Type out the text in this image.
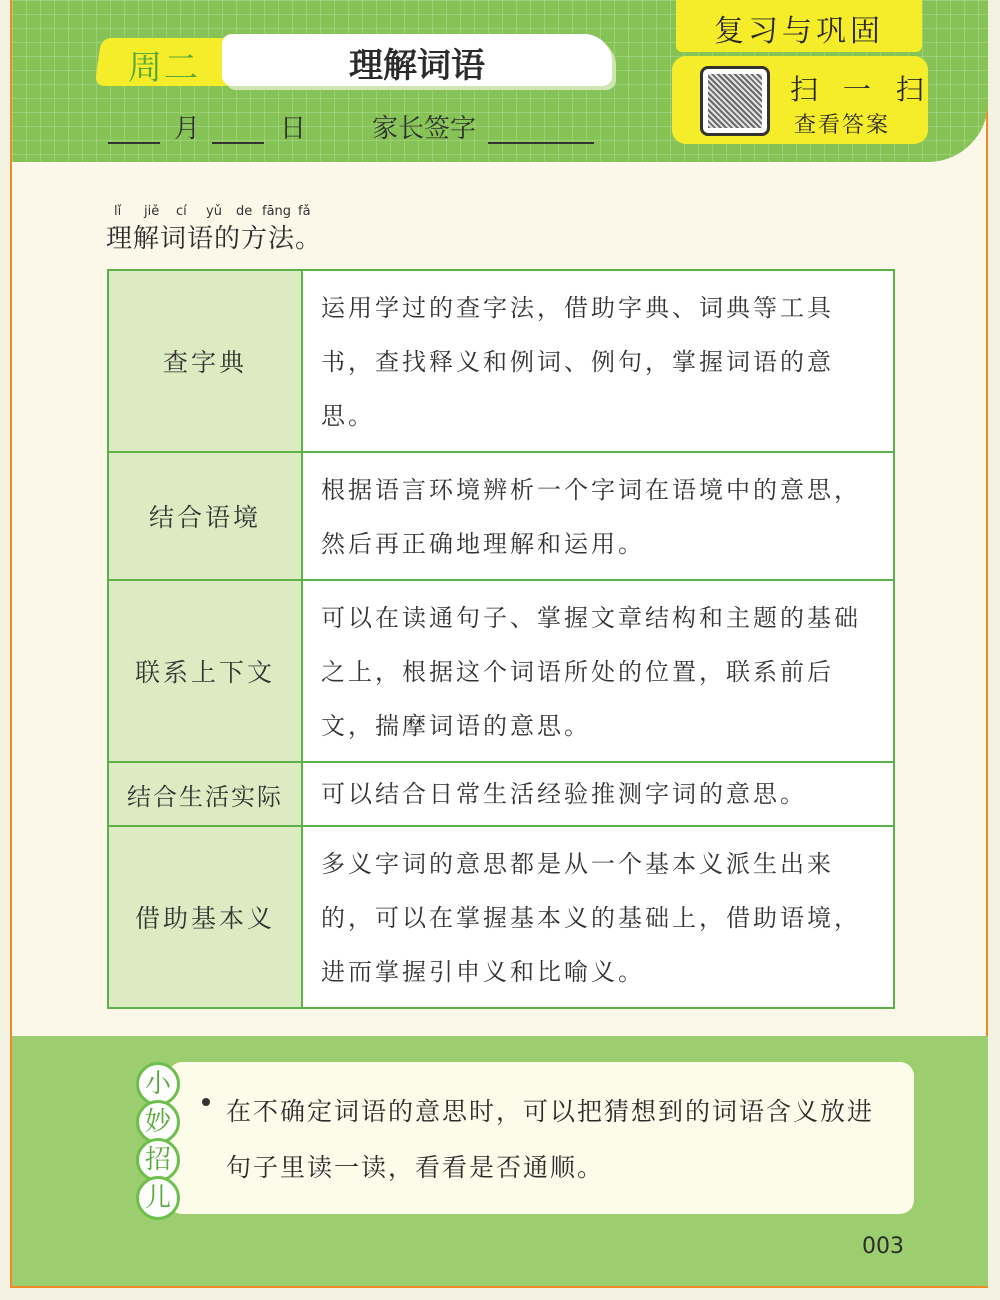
周二	理解词语
月	日	家长签字
复习与巩固
扫 一 扫
查看答案
lǐ jiě cí yǔ de fāng fǎ
理解词语的方法。
查字典	运用学过的查字法，借助字典、词典等工具书，查找释义和例词、例句，掌握词语的意思。
结合语境	根据语言环境辨析一个字词在语境中的意思，然后再正确地理解和运用。
联系上下文	可以在读通句子、掌握文章结构和主题的基础之上，根据这个词语所处的位置，联系前后文，揣摩词语的意思。
结合生活实际	可以结合日常生活经验推测字词的意思。
借助基本义	多义字词的意思都是从一个基本义派生出来的，可以在掌握基本义的基础上，借助语境，进而掌握引申义和比喻义。
小
妙
招
儿
在不确定词语的意思时，可以把猜想到的词语含义放进句子里读一读，看看是否通顺。
003
